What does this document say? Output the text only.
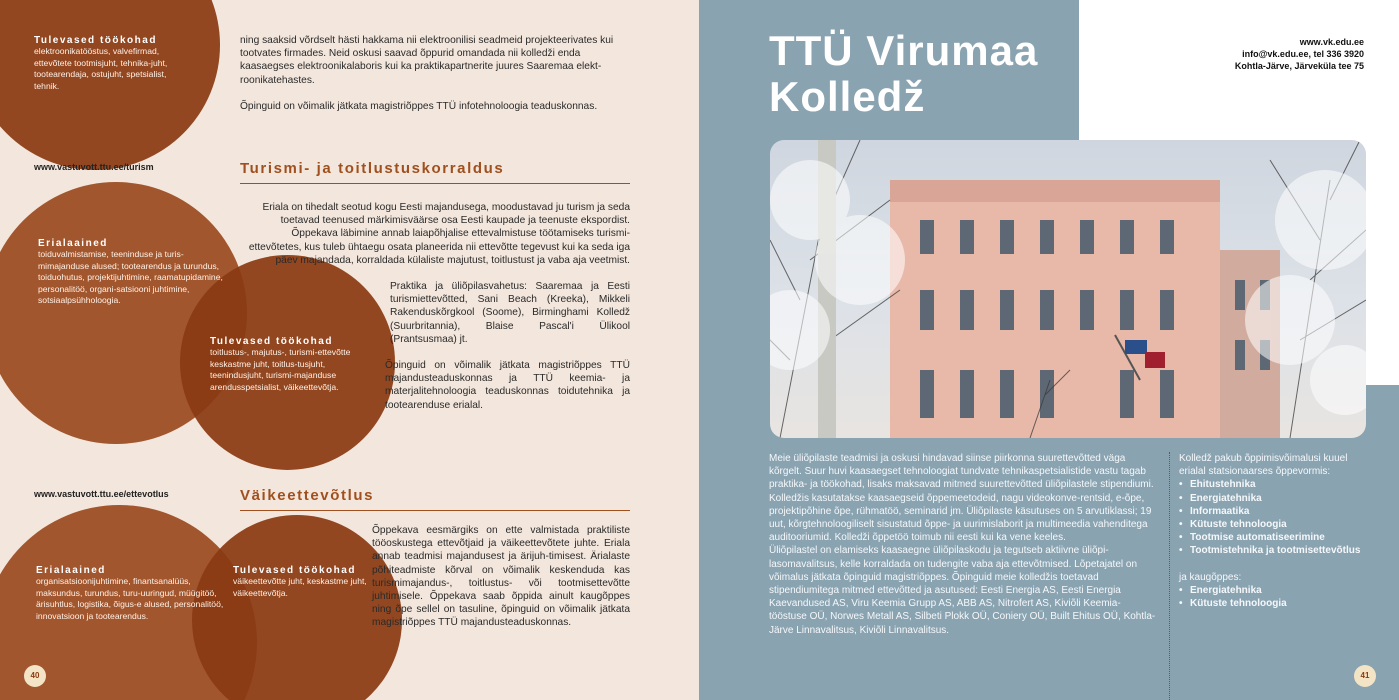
Tulevased töökohad
elektroonikatööstus, valvefirmad, ettevõtete tootmisjuht, tehnika-juht, tootearendaja, ostujuht, spetsialist, tehnik.

ning saaksid võrdselt hästi hakkama nii elektroonilisi seadmeid projekteerivates kui tootvates firmades. Neid oskusi saavad õppurid omandada nii kolledži enda kaasaegses elektroonikalaboris kui ka praktikapartnerite juures Saaremaa elekt-roonikatehastes.

Õpinguid on võimalik jätkata magistriõppes TTÜ infotehnoloogia teaduskonnas.

www.vastuvott.ttu.ee/turism	Turismi- ja toitlustuskorraldus
Erialaained
toiduvalmistamise, teeninduse ja turis-mimajanduse alused; tootearendus ja turundus, toiduohutus, projektijuhtimine, raamatupidamine, personalitöö, organi-satsiooni juhtimine, sotsiaalpsühholoogia.
Tulevased töökohad
toitlustus-, majutus-, turismi-ettevõtte keskastme juht, toitlus-tusjuht, teenindusjuht, turismi-majanduse arendusspetsialist, väikeettevõtja.

Eriala on tihedalt seotud kogu Eesti majandusega, moodustavad ju turism ja seda toetavad teenused märkimisväärse osa Eesti kaupade ja teenuste ekspordist.

Õppekava läbimine annab laiapõhjalise ettevalmistuse töötamiseks turismi-ettevõtetes, kus tuleb ühtaegu osata planeerida nii ettevõtte tegevust kui ka seda iga päev majandada, korraldada külaliste majutust, toitlustust ja vaba aja veetmist.

Praktika ja üliõpilasvahetus: Saaremaa ja Eesti turismiettevõtted, Sani Beach (Kreeka), Mikkeli Rakenduskõrgkool (Soome), Birminghami Kolledž (Suurbritannia), Blaise Pascal'i Ülikool (Prantsusmaa) jt.

Õpinguid on võimalik jätkata magistriõppes TTÜ majandusteaduskonnas ja TTÜ keemia- ja materjalitehnoloogia teaduskonnas toidutehnika ja tootearenduse erialal.

www.vastuvott.ttu.ee/ettevotlus	Väikeettevõtlus
Erialaained
organisatsioonijuhtimine, finantsanalüüs, maksundus, turundus, turu-uuringud, müügitöö, ärisuhtlus, logistika, õigus-e alused, personalitöö, innovatsioon ja tootearendus.
Tulevased töökohad
väikeettevõtte juht, keskastme juht, väikeettevõtja.

Õppekava eesmärgiks on ette valmistada praktiliste tööoskustega ettevõtjaid ja väikeettevõtete juhte. Eriala annab teadmisi majandusest ja ärijuh-timisest. Ärialaste põhiteadmiste kõrval on võimalik keskenduda kas turismimajandus-, toitlustus- või tootmisettevõtte juhtimisele. Õppekava saab õppida ainult kaugõppes ning õpe sellel on tasuline, õpinguid on võimalik jätkata magistriõppes TTÜ majandusteaduskonnas.

40
TTÜ Virumaa
Kolledž
www.vk.edu.ee
info@vk.edu.ee, tel 336 3920
Kohtla-Järve, Järveküla tee 75

Meie üliõpilaste teadmisi ja oskusi hindavad siinse piirkonna suurettevõtted väga kõrgelt. Suur huvi kaasaegset tehnoloogiat tundvate tehnikaspetsialistide vastu tagab praktika- ja töökohad, lisaks maksavad mitmed suurettevõtted üliõpilastele stipendiumi. Kolledžis kasutatakse kaasaegseid õppemeetodeid, nagu videokonve-rentsid, e-õpe, projektipõhine õpe, rühmatöö, seminarid jm. Üliõpilaste käsutuses on 5 arvutiklassi; 19 uut, kõrgtehnoloogiliselt sisustatud õppe- ja uurimislaborit ja multimeedia vahenditega auditooriumid. Kolledži õppetöö toimub nii eesti kui ka vene keeles.

Üliõpilastel on elamiseks kaasaegne üliõpilaskodu ja tegutseb aktiivne üliõpi-lasomavalitsus, kelle korraldada on tudengite vaba aja ettevõtmised. Lõpetajatel on võimalus jätkata õpinguid magistriõppes. Õpinguid meie kolledžis toetavad stipendiumitega mitmed ettevõtted ja asutused: Eesti Energia AS, Eesti Energia Kaevandused AS, Viru Keemia Grupp AS, ABB AS, Nitrofert AS, Kiviõli Keemia-tööstuse OÜ, Norwes Metall AS, Silbeti Plokk OÜ, Coniery OÜ, Built Ehitus OÜ, Kohtla-Järve Linnavalitsus, Kiviõli Linnavalitsus.

Kolledž pakub õppimisvõimalusi kuuel erialal statsionaarses õppevormis:

• Ehitustehnika
• Energiatehnika
• Informaatika
• Kütuste tehnoloogia
• Tootmise automatiseerimine
• Tootmistehnika ja tootmisettevõtlus

ja kaugõppes:

• Energiatehnika
• Kütuste tehnoloogia
41
